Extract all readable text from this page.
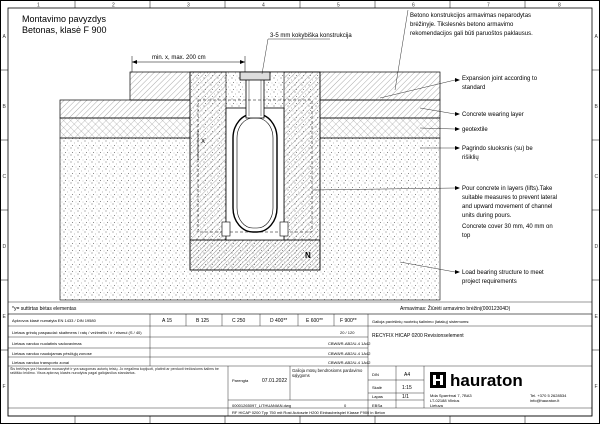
1	2	3	4	5	6	7	8
A
B
C
D
E
F
A
B
C
D
E
F
Montavimo pavyzdys
Betonas, klasė F 900
X
N
min. x, max. 200 cm
3-5 mm kokybiška konstrukcija
Betono konstrukcijos armavimas neparodytas
brėžinyje. Tikslesnės betono armavimo
rekomendacijos gali būti paruoštos paklausus.
Expansion joint according to
standard
Concrete wearing layer
geotextile
Pagrindo sluoksnis (su) be
rišiklių
Pour concrete in layers (lifts).Take
suitable measures to prevent lateral
and upward movement of channel
units during pours.
Concrete cover 30 mm, 40 mm on
top
Load bearing structure to meet
project requirements
*y= suttirtas bėtas elementas	Armavimas: Žiūrėti armavimo brėžinį(00012304D)
Apkrovos klasė numatyta EN 1433 / DIN 19580	A 15	B 125	C 250	D 400**	E 600**	F 900**
Lietaus grindų paspaudai: skaitmens / ratų / vežimėlis / ir / eismui (S / 40)	20 / 120
Lietaus vanduo nuolatinis vadovavimas	CBW8/R-AB2/U-4 1A42
Lietaus vanduo naudojamas pėsčiųjų zonose	CBW8/R-AB2/U-4 1A42
Lietaus vanduo transporto zonai	CBW8/R-AB2/U-4 1A42
Galioja paviršinių nuotekų šalinimo (latakų) sistemoms:
RECYFIX HICAP 0200 Revisionselement
Šis brėžinys yra Hauraton nuosavybė ir yra saugomas autorių teisių. Jo negalima kopijuoti, platinti ar perduoti trečiosioms šalims be raštiško leidimo. Visos apkrovų klasės nurodytos pagal galiojančius standartus.
Parengta	07.01.2022
Galioja mūsų bendrosioms pardavimo sąlygoms
00001265097_LITHUANIAN.dwg	0	EBSa
DIN	A4
Skalė	1:15
Lapas	1/1
hauraton
Mda Sparrėnai 7, 7BA3
LT-02188 Vilnius
Lietuva
Tel. +370 5 2628534
info@hauraton.lt
RF HICAP 0200 Typ 750 mit Rost Autoszte H200 Einbaubeispiel Klasse F900 in Beton
